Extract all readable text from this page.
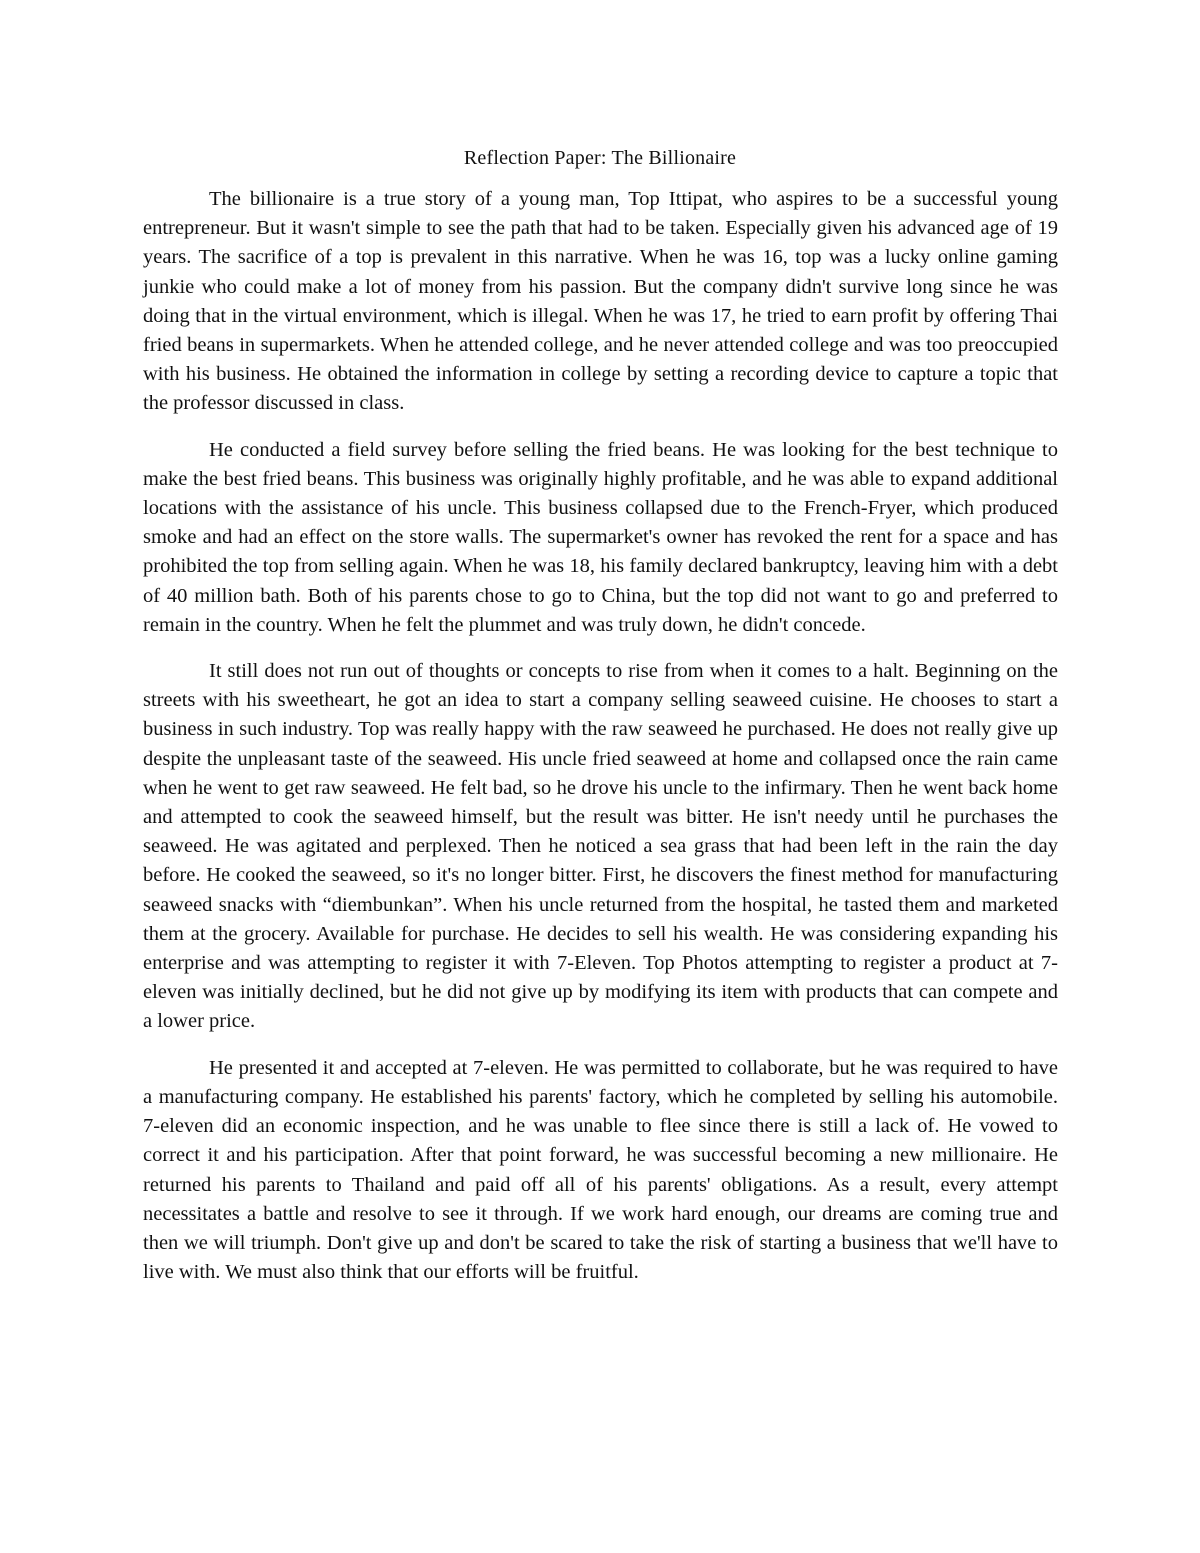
Reflection Paper: The Billionaire

The billionaire is a true story of a young man, Top Ittipat, who aspires to be a successful young entrepreneur. But it wasn't simple to see the path that had to be taken. Especially given his advanced age of 19 years. The sacrifice of a top is prevalent in this narrative. When he was 16, top was a lucky online gaming junkie who could make a lot of money from his passion. But the company didn't survive long since he was doing that in the virtual environment, which is illegal. When he was 17, he tried to earn profit by offering Thai fried beans in supermarkets. When he attended college, and he never attended college and was too preoccupied with his business. He obtained the information in college by setting a recording device to capture a topic that the professor discussed in class.

He conducted a field survey before selling the fried beans. He was looking for the best technique to make the best fried beans. This business was originally highly profitable, and he was able to expand additional locations with the assistance of his uncle. This business collapsed due to the French-Fryer, which produced smoke and had an effect on the store walls. The supermarket's owner has revoked the rent for a space and has prohibited the top from selling again. When he was 18, his family declared bankruptcy, leaving him with a debt of 40 million bath. Both of his parents chose to go to China, but the top did not want to go and preferred to remain in the country. When he felt the plummet and was truly down, he didn't concede.

It still does not run out of thoughts or concepts to rise from when it comes to a halt. Beginning on the streets with his sweetheart, he got an idea to start a company selling seaweed cuisine. He chooses to start a business in such industry. Top was really happy with the raw seaweed he purchased. He does not really give up despite the unpleasant taste of the seaweed. His uncle fried seaweed at home and collapsed once the rain came when he went to get raw seaweed. He felt bad, so he drove his uncle to the infirmary. Then he went back home and attempted to cook the seaweed himself, but the result was bitter. He isn't needy until he purchases the seaweed. He was agitated and perplexed. Then he noticed a sea grass that had been left in the rain the day before. He cooked the seaweed, so it's no longer bitter. First, he discovers the finest method for manufacturing seaweed snacks with “diembunkan”. When his uncle returned from the hospital, he tasted them and marketed them at the grocery. Available for purchase. He decides to sell his wealth. He was considering expanding his enterprise and was attempting to register it with 7-Eleven. Top Photos attempting to register a product at 7-eleven was initially declined, but he did not give up by modifying its item with products that can compete and a lower price.

He presented it and accepted at 7-eleven. He was permitted to collaborate, but he was required to have a manufacturing company. He established his parents' factory, which he completed by selling his automobile. 7-eleven did an economic inspection, and he was unable to flee since there is still a lack of. He vowed to correct it and his participation. After that point forward, he was successful becoming a new millionaire. He returned his parents to Thailand and paid off all of his parents' obligations. As a result, every attempt necessitates a battle and resolve to see it through. If we work hard enough, our dreams are coming true and then we will triumph. Don't give up and don't be scared to take the risk of starting a business that we'll have to live with. We must also think that our efforts will be fruitful.
